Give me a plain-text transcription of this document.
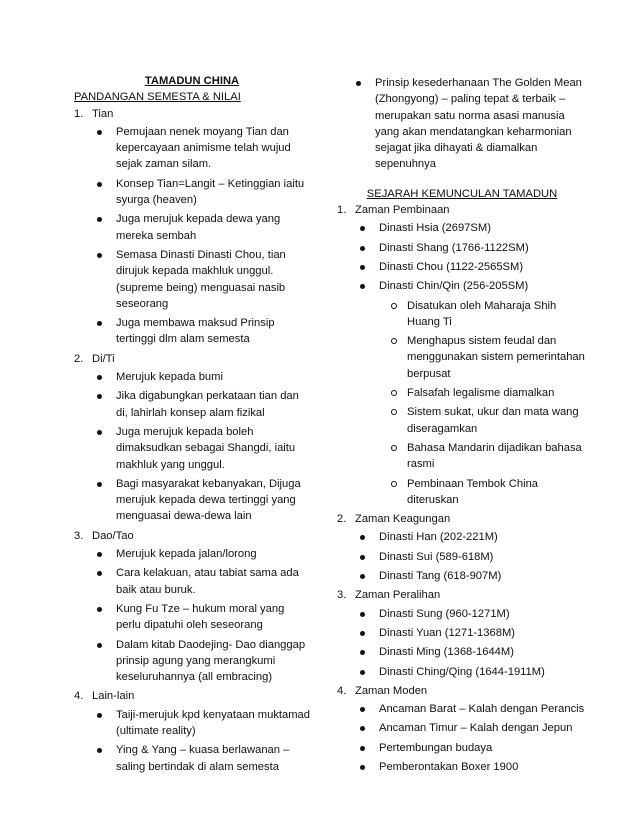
TAMADUN CHINA
PANDANGAN SEMESTA & NILAI
1. Tian
Pemujaan nenek moyang Tian dan kepercayaan animisme telah wujud sejak zaman silam.
Konsep Tian=Langit – Ketinggian iaitu syurga (heaven)
Juga merujuk kepada dewa yang mereka sembah
Semasa Dinasti Dinasti Chou, tian dirujuk kepada makhluk unggul. (supreme being) menguasai nasib seseorang
Juga membawa maksud Prinsip tertinggi dlm alam semesta
2. Di/Ti
Merujuk kepada bumi
Jika digabungkan perkataan tian dan di, lahirlah konsep alam fizikal
Juga merujuk kepada boleh dimaksudkan sebagai Shangdi, iaitu makhluk yang unggul.
Bagi masyarakat kebanyakan, Dijuga merujuk kepada dewa tertinggi yang menguasai dewa-dewa lain
3. Dao/Tao
Merujuk kepada jalan/lorong
Cara kelakuan, atau tabiat sama ada baik atau buruk.
Kung Fu Tze – hukum moral yang perlu dipatuhi oleh seseorang
Dalam kitab Daodejing- Dao dianggap prinsip agung yang merangkumi keseluruhannya (all embracing)
4. Lain-lain
Taiji-merujuk kpd kenyataan muktamad (ultimate reality)
Ying & Yang – kuasa berlawanan – saling bertindak di alam semesta
Prinsip kesederhanaan The Golden Mean (Zhongyong) – paling tepat & terbaik – merupakan satu norma asasi manusia yang akan mendatangkan keharmonian sejagat jika dihayati & diamalkan sepenuhnya
SEJARAH KEMUNCULAN TAMADUN
1. Zaman Pembinaan
Dinasti Hsia (2697SM)
Dinasti Shang (1766-1122SM)
Dinasti Chou (1122-2565SM)
Dinasti Chin/Qin (256-205SM)
Disatukan oleh Maharaja Shih Huang Ti
Menghapus sistem feudal dan menggunakan sistem pemerintahan berpusat
Falsafah legalisme diamalkan
Sistem sukat, ukur dan mata wang diseragamkan
Bahasa Mandarin dijadikan bahasa rasmi
Pembinaan Tembok China diteruskan
2. Zaman Keagungan
Dinasti Han (202-221M)
Dinasti Sui (589-618M)
Dinasti Tang (618-907M)
3. Zaman Peralihan
Dinasti Sung (960-1271M)
Dinasti Yuan (1271-1368M)
Dinasti Ming (1368-1644M)
Dinasti Ching/Qing (1644-1911M)
4. Zaman Moden
Ancaman Barat – Kalah dengan Perancis
Ancaman Timur – Kalah dengan Jepun
Pertembungan budaya
Pemberontakan Boxer 1900
